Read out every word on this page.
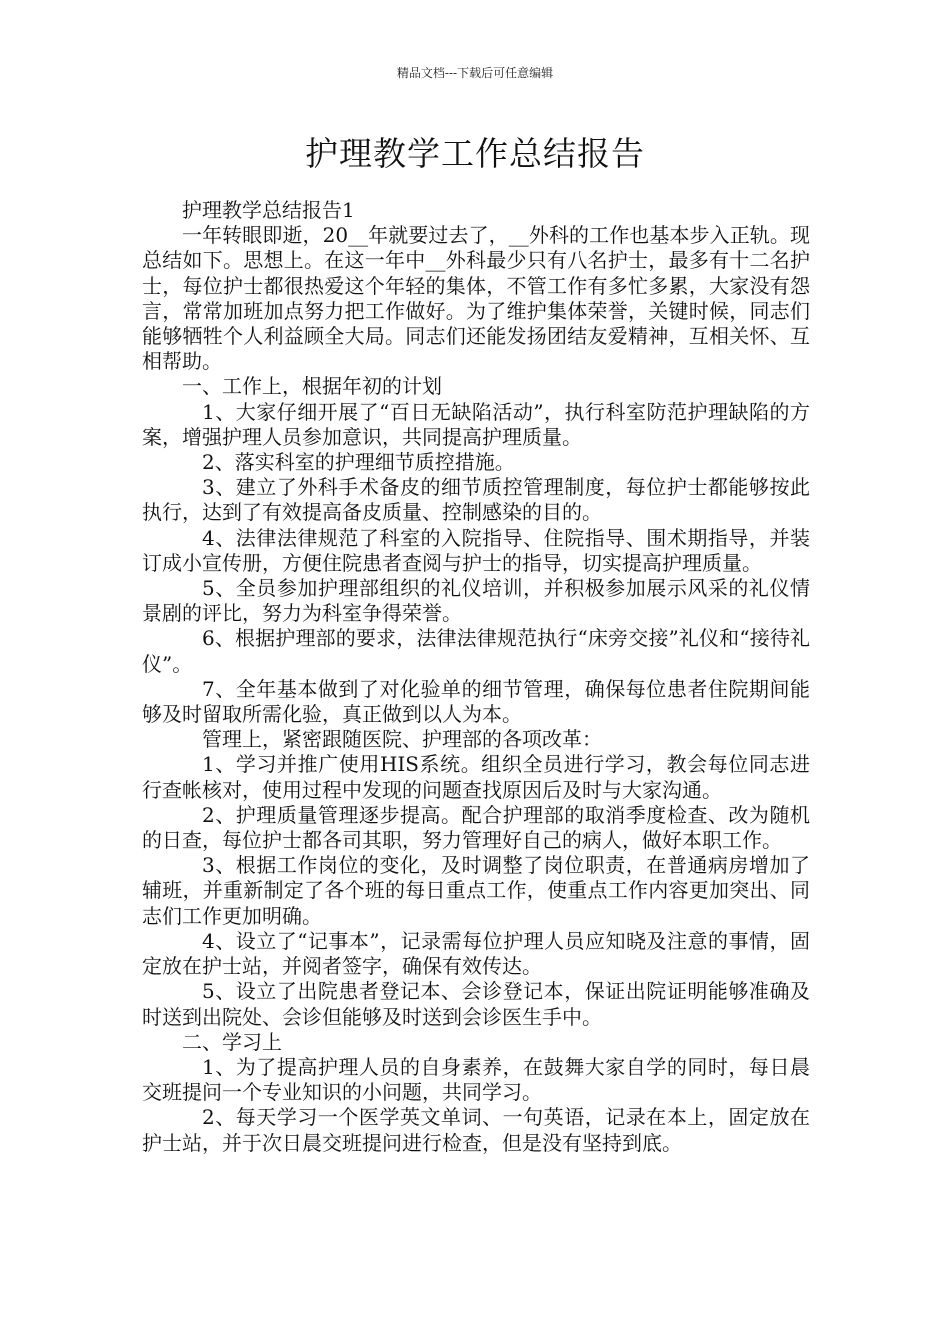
精品文档---下载后可任意编辑
护理教学工作总结报告

护理教学总结报告1

一年转眼即逝，20__年就要过去了，__外科的工作也基本步入正轨。现总结如下。思想上。在这一年中__外科最少只有八名护士，最多有十二名护士，每位护士都很热爱这个年轻的集体，不管工作有多忙多累，大家没有怨言，常常加班加点努力把工作做好。为了维护集体荣誉，关键时候，同志们能够牺牲个人利益顾全大局。同志们还能发扬团结友爱精神，互相关怀、互相帮助。

一、工作上，根据年初的计划

1、大家仔细开展了“百日无缺陷活动”，执行科室防范护理缺陷的方案，增强护理人员参加意识，共同提高护理质量。

2、落实科室的护理细节质控措施。

3、建立了外科手术备皮的细节质控管理制度，每位护士都能够按此执行，达到了有效提高备皮质量、控制感染的目的。

4、法律法律规范了科室的入院指导、住院指导、围术期指导，并装订成小宣传册，方便住院患者查阅与护士的指导，切实提高护理质量。

5、全员参加护理部组织的礼仪培训，并积极参加展示风采的礼仪情景剧的评比，努力为科室争得荣誉。

6、根据护理部的要求，法律法律规范执行“床旁交接”礼仪和“接待礼仪”。

7、全年基本做到了对化验单的细节管理，确保每位患者住院期间能够及时留取所需化验，真正做到以人为本。

管理上，紧密跟随医院、护理部的各项改革：

1、学习并推广使用HIS系统。组织全员进行学习，教会每位同志进行查帐核对，使用过程中发现的问题查找原因后及时与大家沟通。

2、护理质量管理逐步提高。配合护理部的取消季度检查、改为随机的日查，每位护士都各司其职，努力管理好自己的病人，做好本职工作。

3、根据工作岗位的变化，及时调整了岗位职责，在普通病房增加了辅班，并重新制定了各个班的每日重点工作，使重点工作内容更加突出、同志们工作更加明确。

4、设立了“记事本”，记录需每位护理人员应知晓及注意的事情，固定放在护士站，并阅者签字，确保有效传达。

5、设立了出院患者登记本、会诊登记本，保证出院证明能够准确及时送到出院处、会诊但能够及时送到会诊医生手中。

二、学习上

1、为了提高护理人员的自身素养，在鼓舞大家自学的同时，每日晨交班提问一个专业知识的小问题，共同学习。

2、每天学习一个医学英文单词、一句英语，记录在本上，固定放在护士站，并于次日晨交班提问进行检查，但是没有坚持到底。
